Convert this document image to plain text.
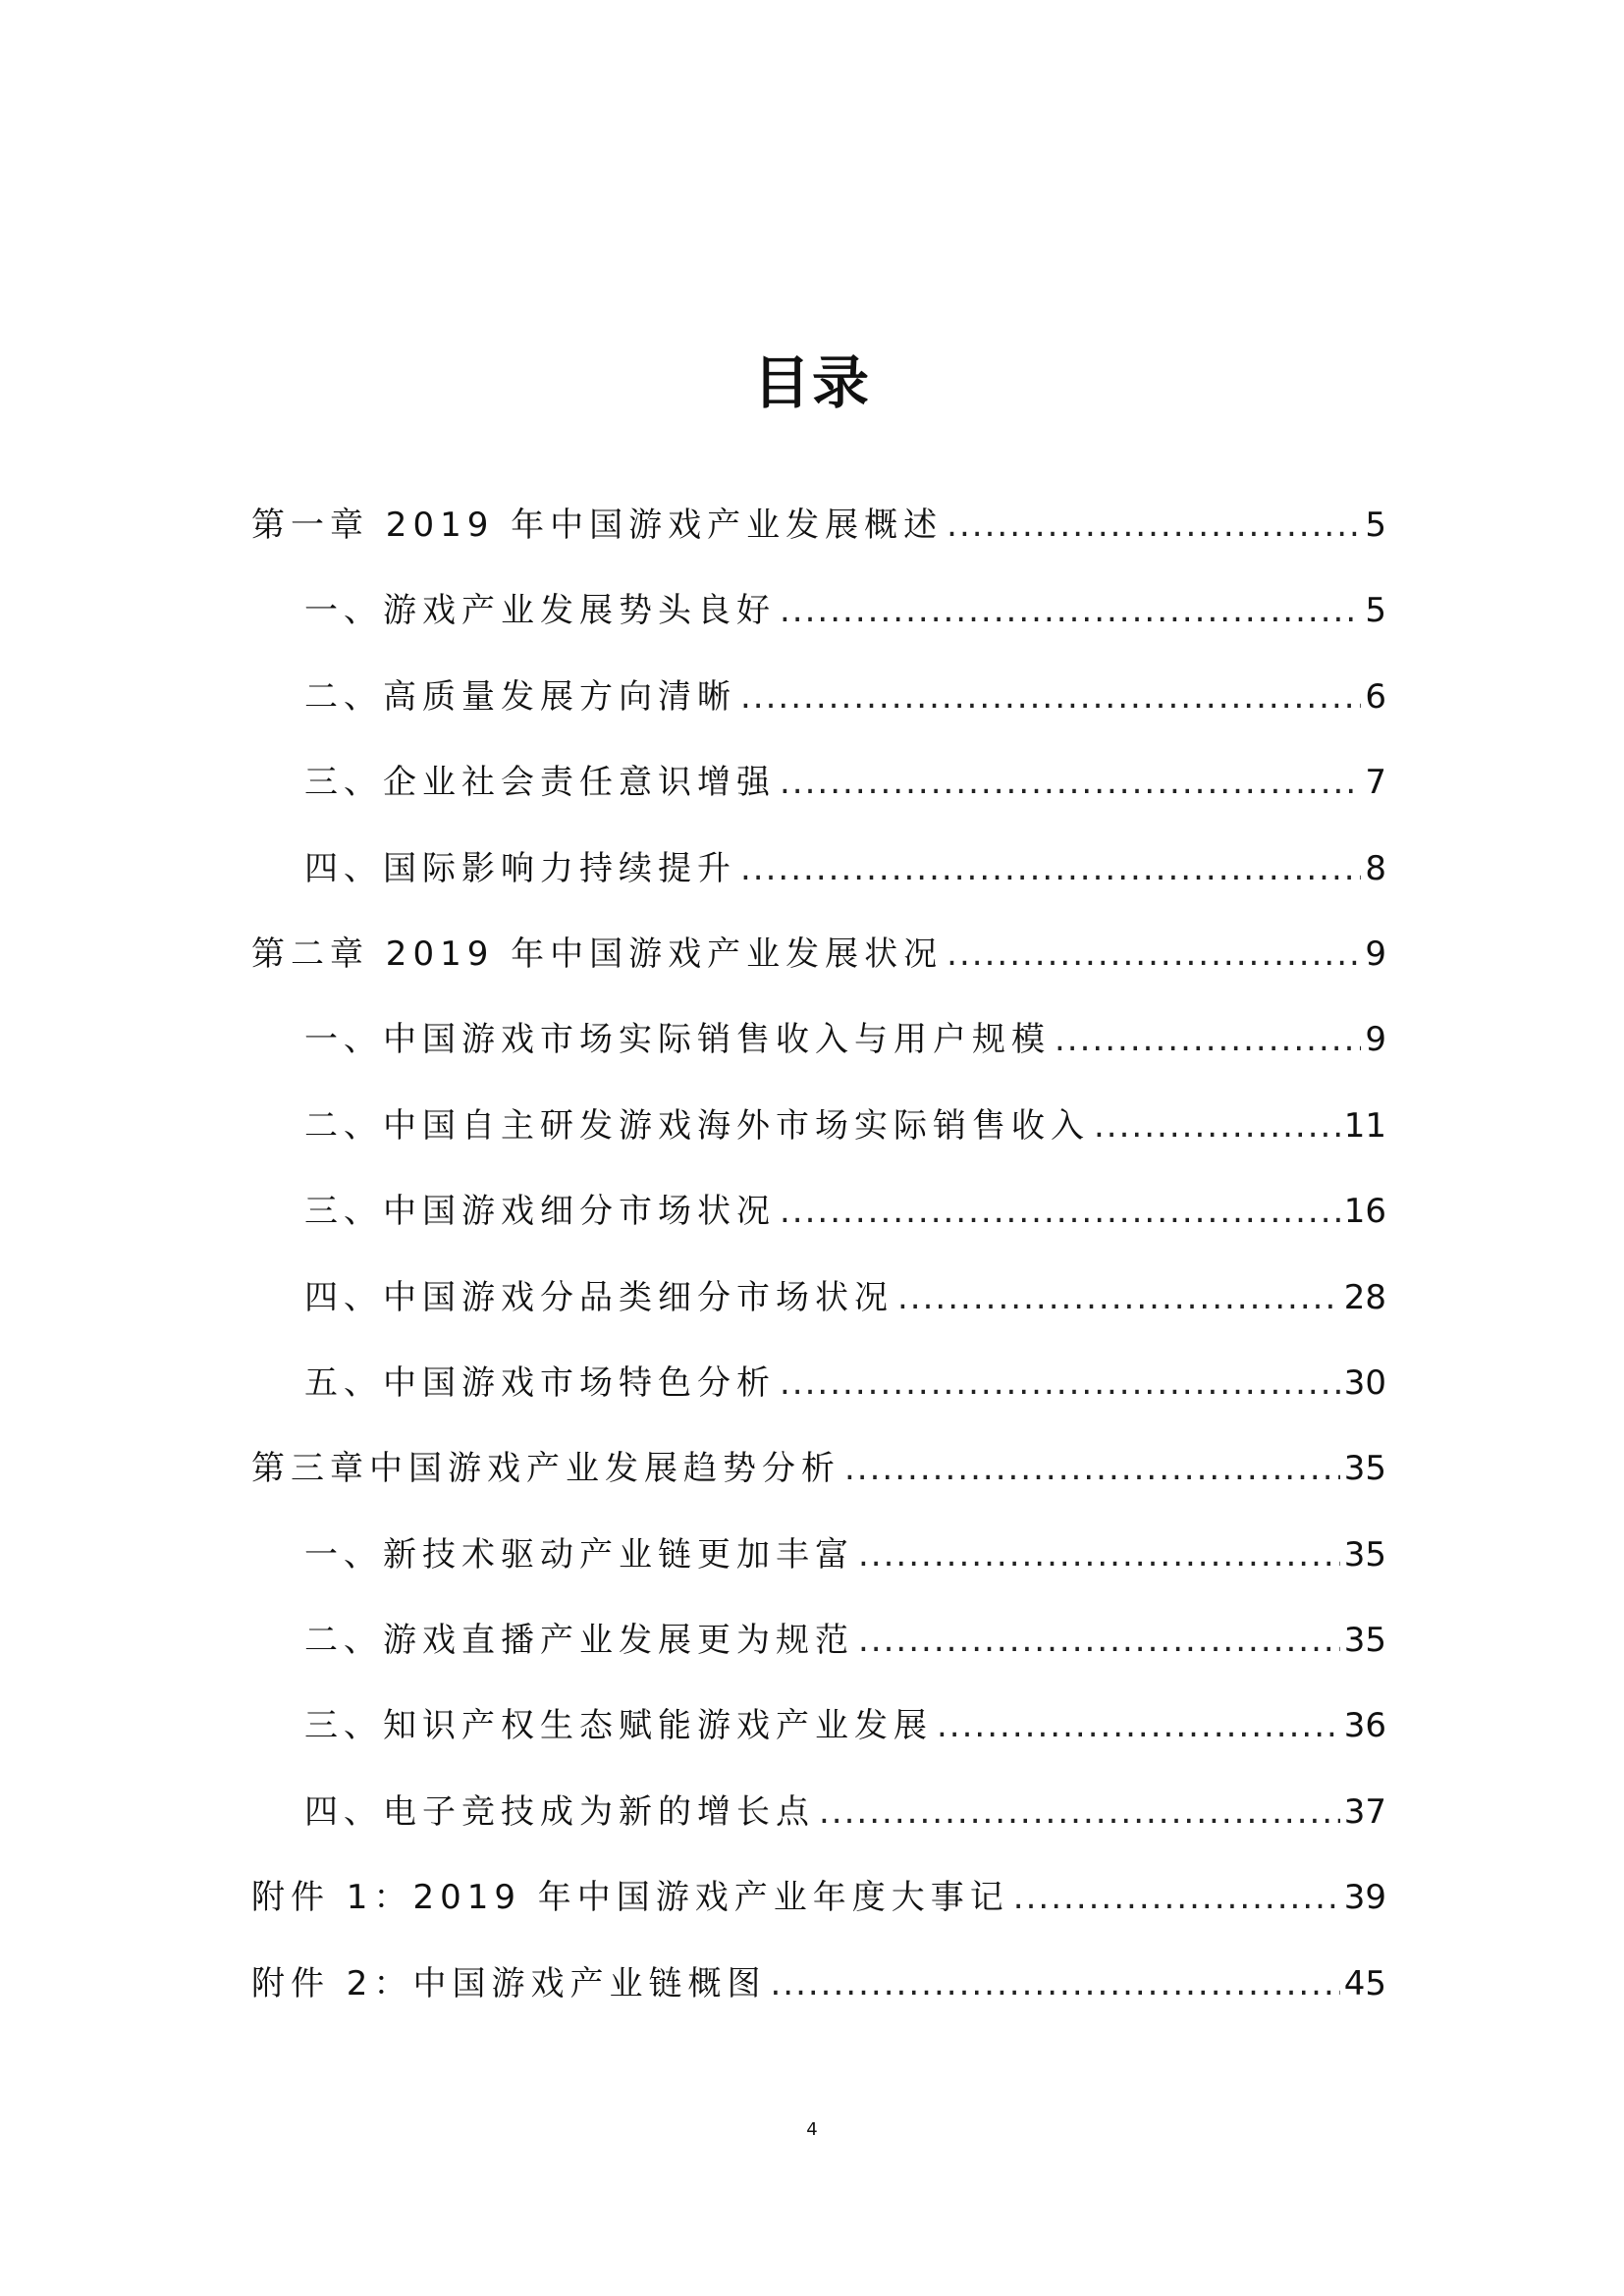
目录
第一章 2019 年中国游戏产业发展概述 .....	5
一、游戏产业发展势头良好 .....	5
二、高质量发展方向清晰 .....	6
三、企业社会责任意识增强 .....	7
四、国际影响力持续提升 .....	8
第二章 2019 年中国游戏产业发展状况 .....	9
一、中国游戏市场实际销售收入与用户规模 .....	9
二、中国自主研发游戏海外市场实际销售收入 .....	11
三、中国游戏细分市场状况 .....	16
四、中国游戏分品类细分市场状况 .....	28
五、中国游戏市场特色分析 .....	30
第三章中国游戏产业发展趋势分析 .....	35
一、新技术驱动产业链更加丰富 .....	35
二、游戏直播产业发展更为规范 .....	35
三、知识产权生态赋能游戏产业发展 .....	36
四、电子竞技成为新的增长点 .....	37
附件 1：2019 年中国游戏产业年度大事记 .....	39
附件 2：中国游戏产业链概图 .....	45
4
